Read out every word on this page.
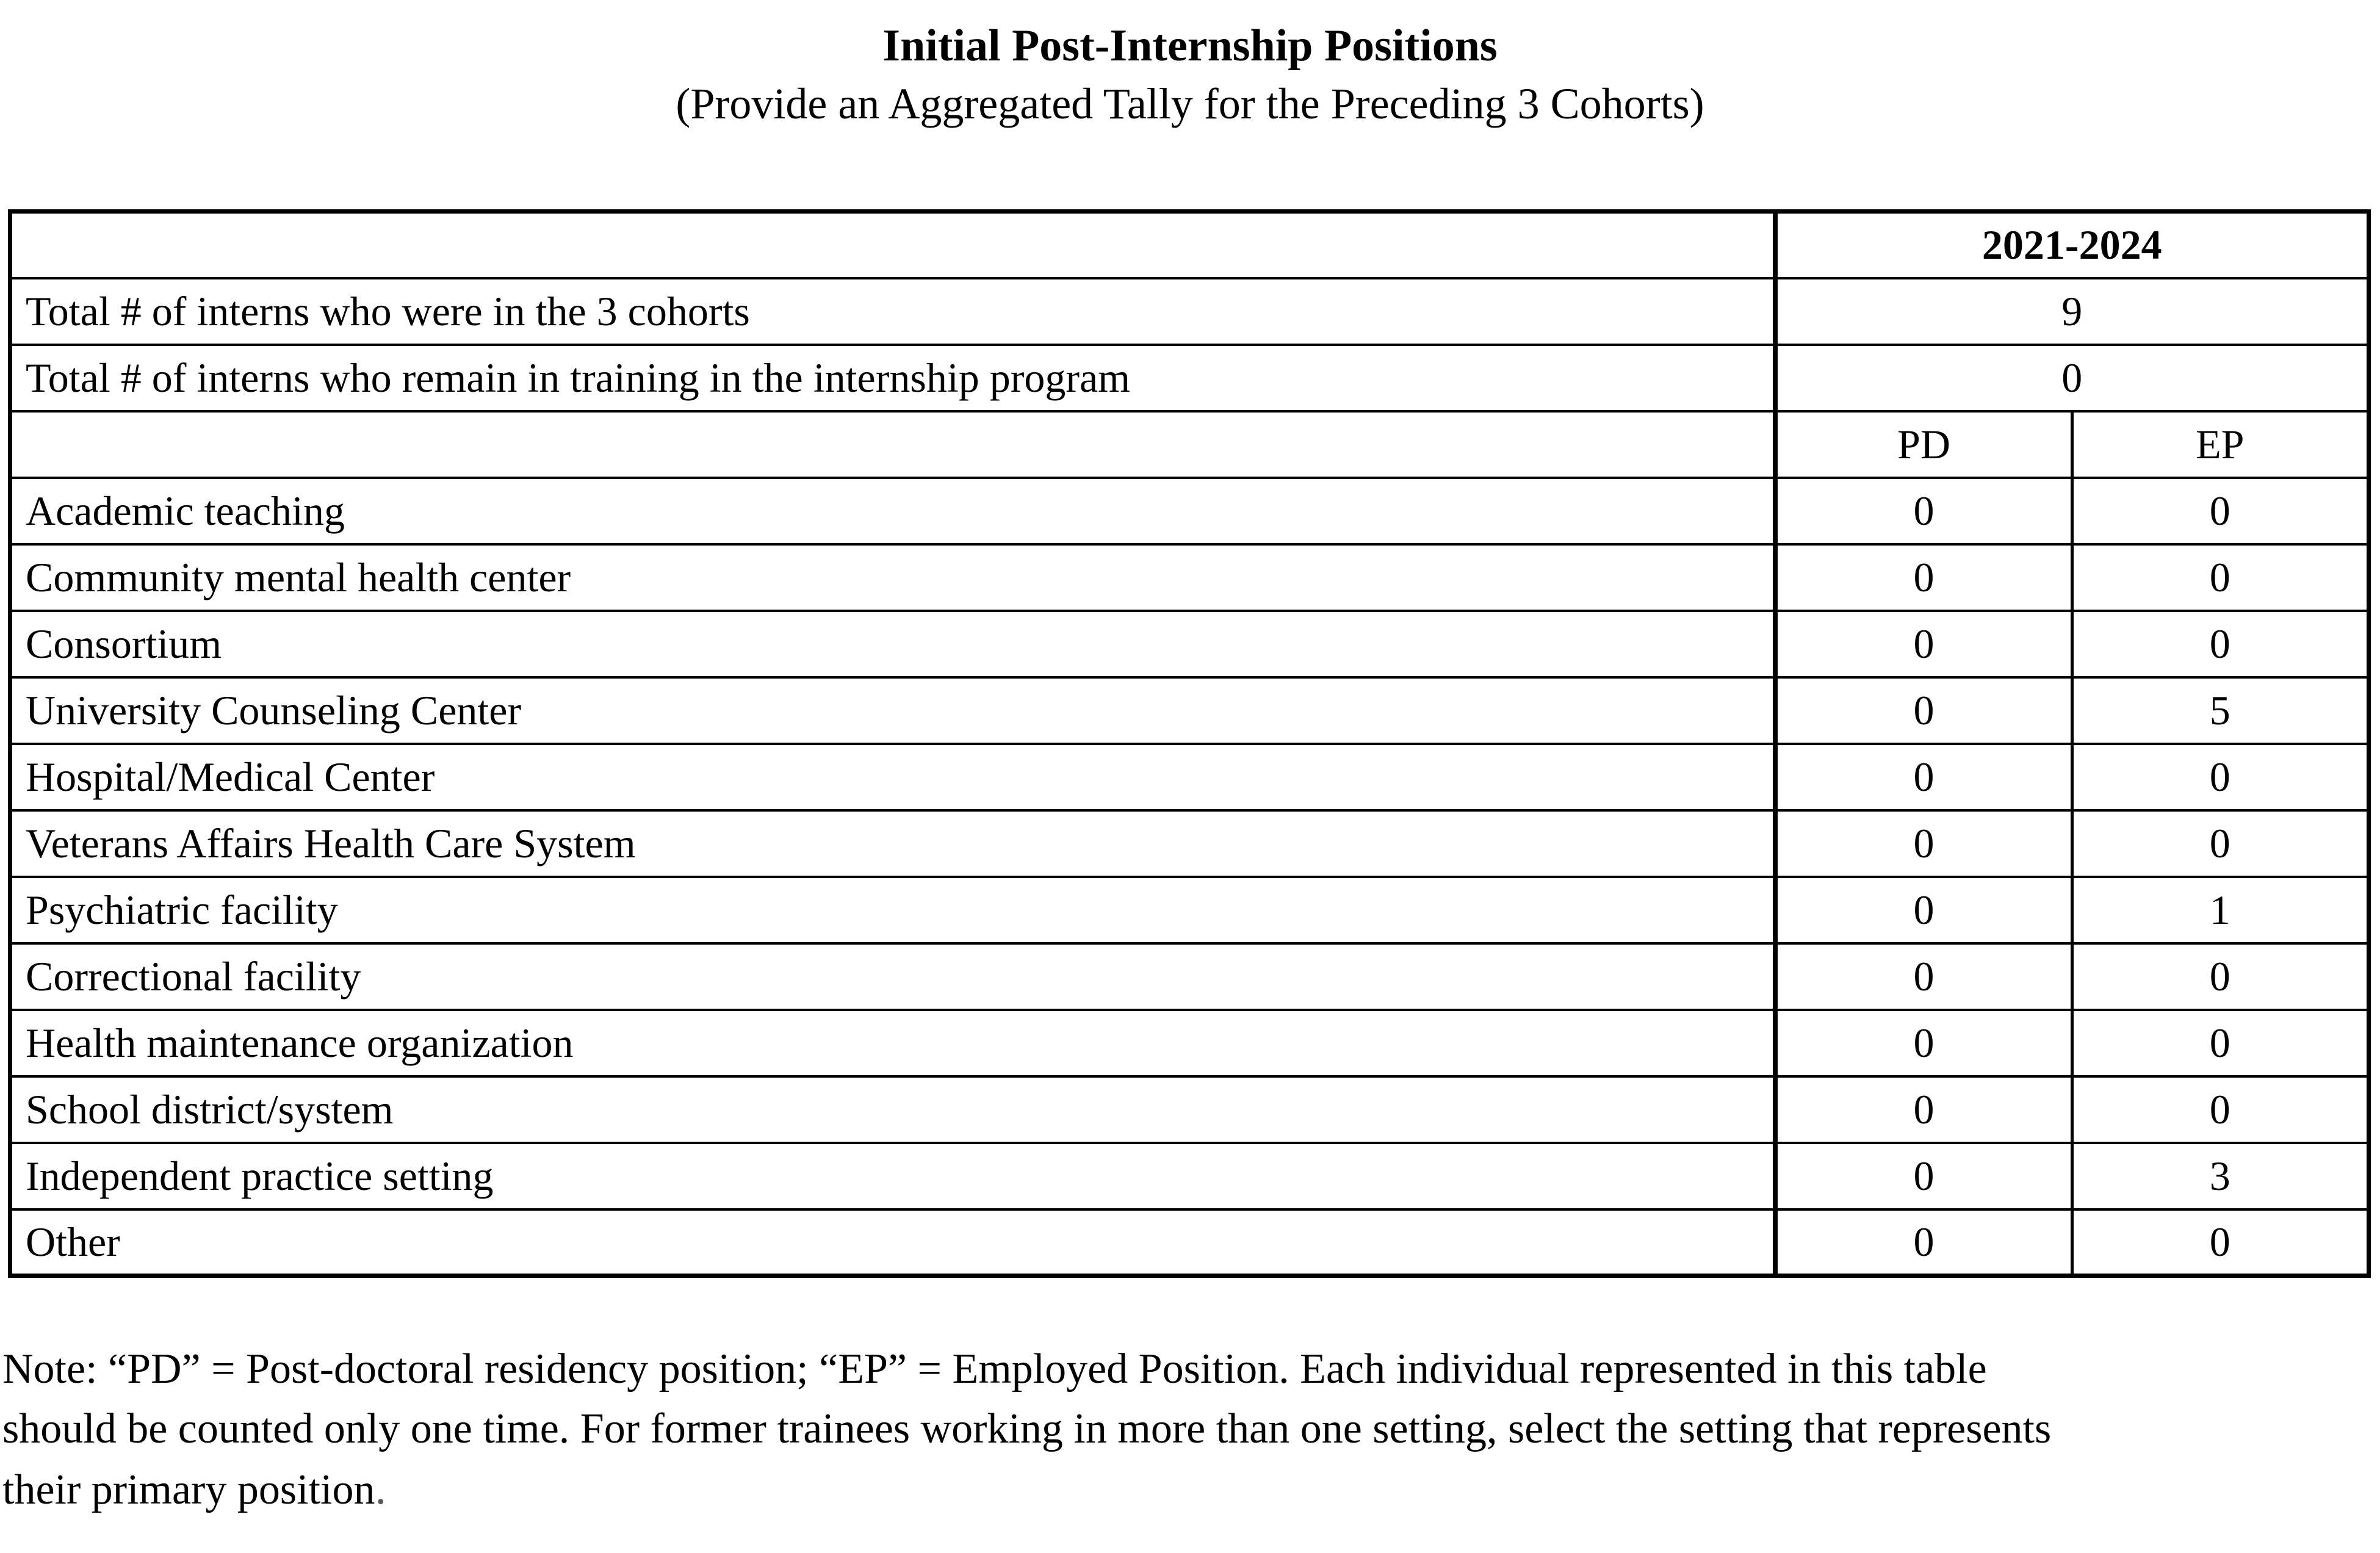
Initial Post-Internship Positions
(Provide an Aggregated Tally for the Preceding 3 Cohorts)
	2021-2024	
Total # of interns who were in the 3 cohorts	9	
Total # of interns who remain in training in the internship program	0	
	PD	EP
Academic teaching	0	0
Community mental health center	0	0
Consortium	0	0
University Counseling Center	0	5
Hospital/Medical Center	0	0
Veterans Affairs Health Care System	0	0
Psychiatric facility	0	1
Correctional facility	0	0
Health maintenance organization	0	0
School district/system	0	0
Independent practice setting	0	3
Other	0	0
Note: “PD” = Post-doctoral residency position; “EP” = Employed Position. Each individual represented in this table should be counted only one time. For former trainees working in more than one setting, select the setting that represents their primary position.
